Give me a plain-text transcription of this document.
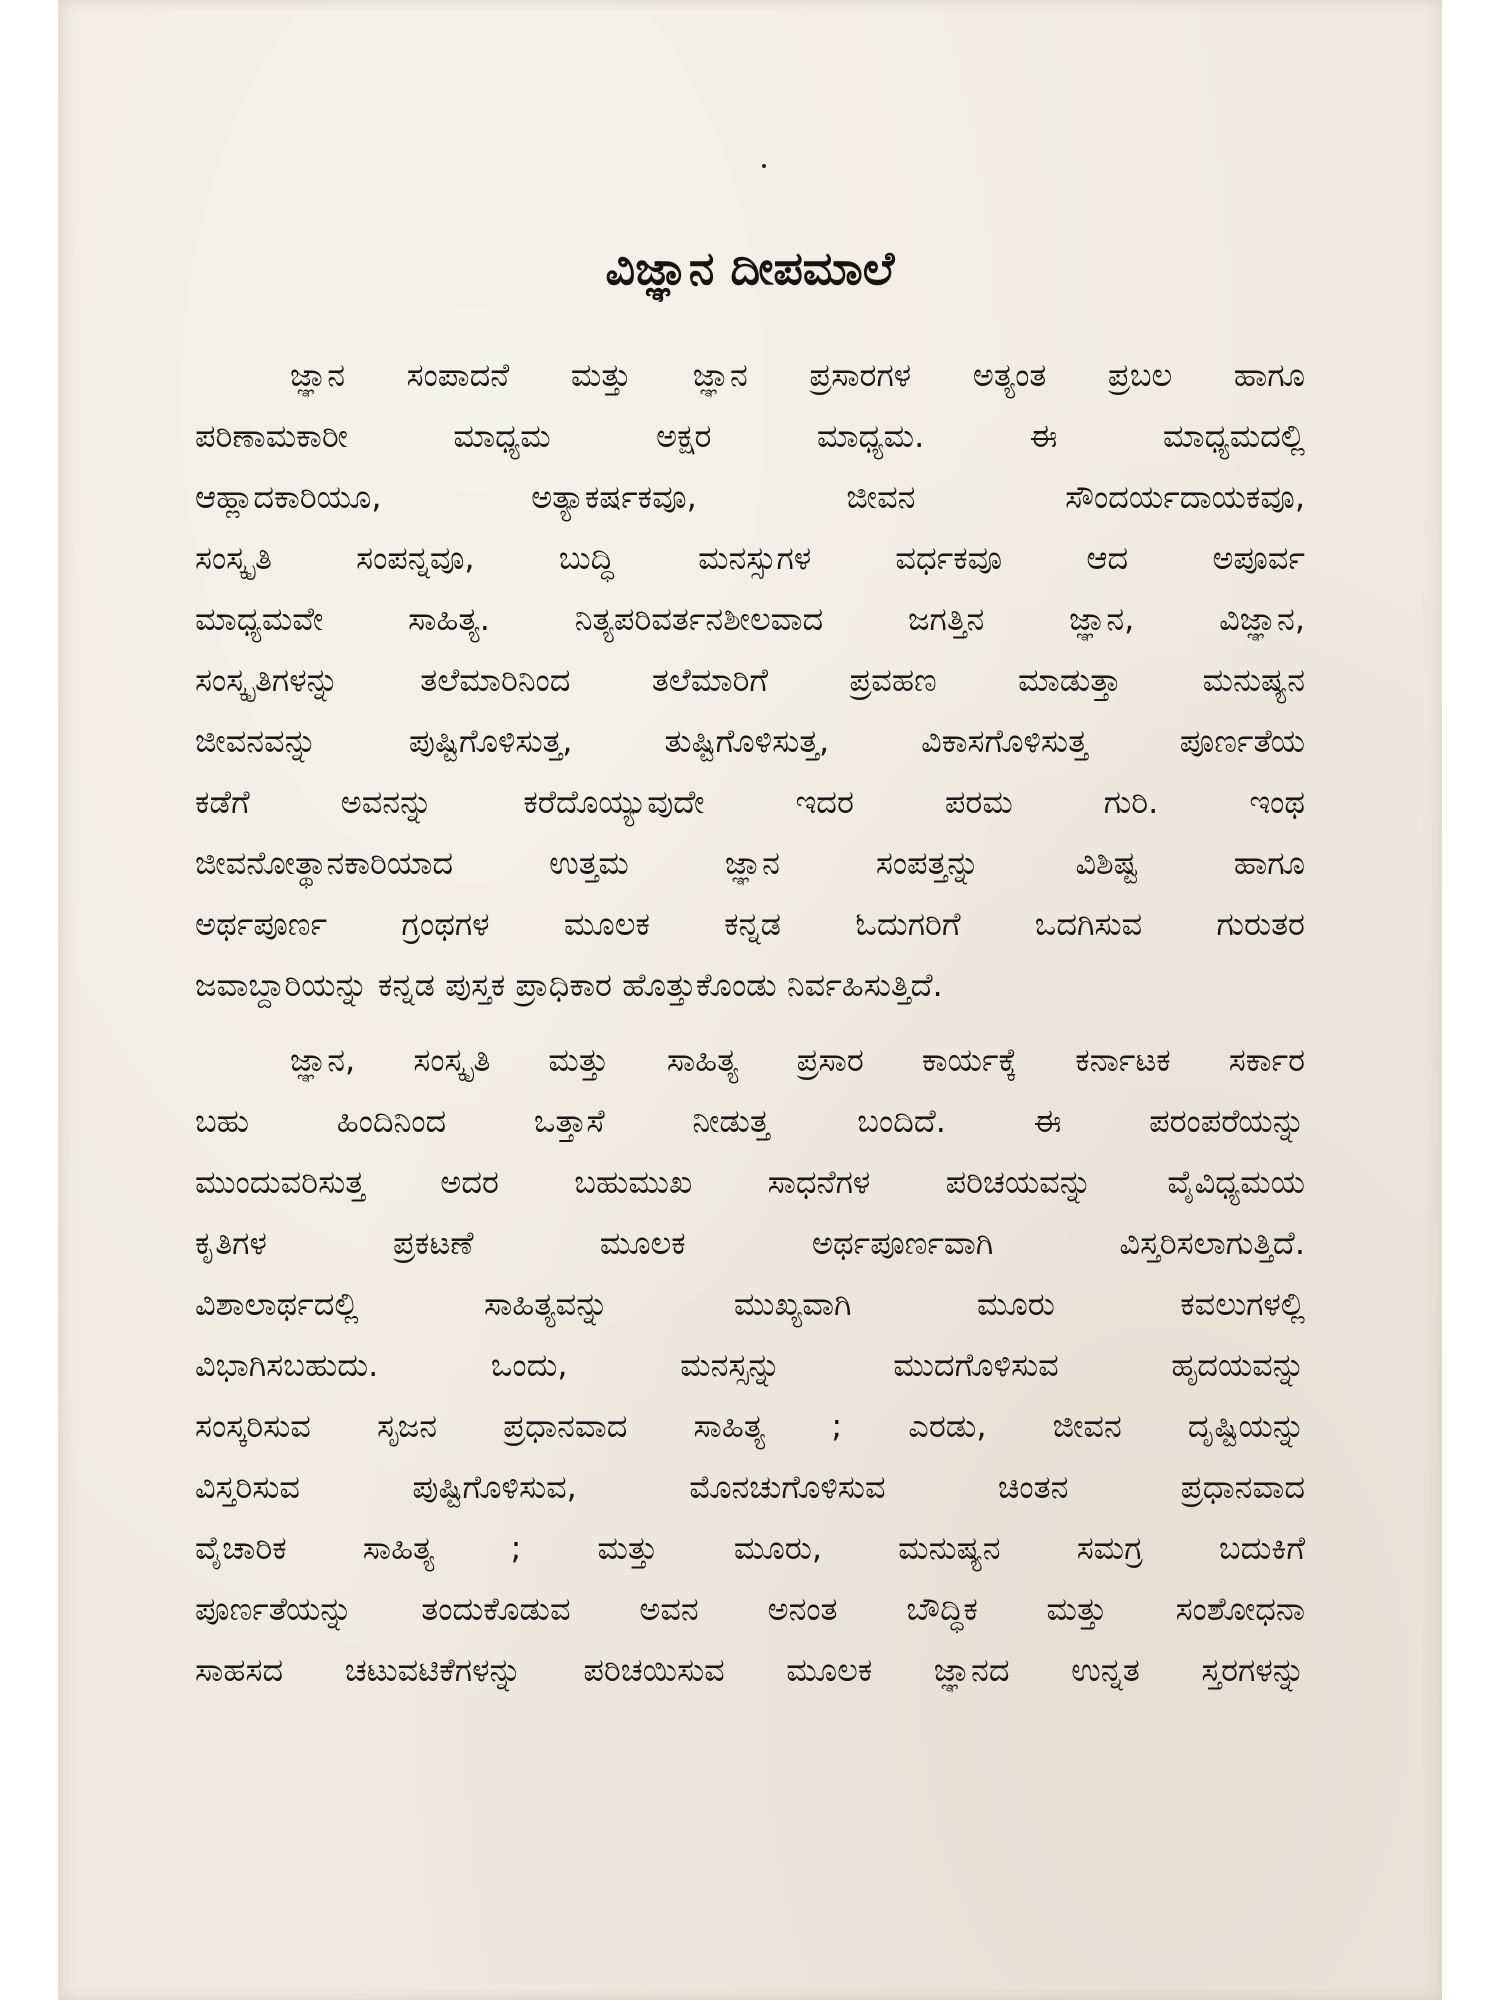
ವಿಜ್ಞಾನ ದೀಪಮಾಲೆ

ಜ್ಞಾನ ಸಂಪಾದನೆ ಮತ್ತು ಜ್ಞಾನ ಪ್ರಸಾರಗಳ ಅತ್ಯಂತ ಪ್ರಬಲ ಹಾಗೂ
ಪರಿಣಾಮಕಾರೀ ಮಾಧ್ಯಮ ಅಕ್ಷರ ಮಾಧ್ಯಮ. ಈ ಮಾಧ್ಯಮದಲ್ಲಿ
ಆಹ್ಲಾದಕಾರಿಯೂ, ಅತ್ಯಾಕರ್ಷಕವೂ, ಜೀವನ ಸೌಂದರ್ಯದಾಯಕವೂ,
ಸಂಸ್ಕೃತಿ ಸಂಪನ್ನವೂ, ಬುದ್ಧಿ ಮನಸ್ಸುಗಳ ವರ್ಧಕವೂ ಆದ ಅಪೂರ್ವ
ಮಾಧ್ಯಮವೇ ಸಾಹಿತ್ಯ. ನಿತ್ಯಪರಿವರ್ತನಶೀಲವಾದ ಜಗತ್ತಿನ ಜ್ಞಾನ, ವಿಜ್ಞಾನ,
ಸಂಸ್ಕೃತಿಗಳನ್ನು ತಲೆಮಾರಿನಿಂದ ತಲೆಮಾರಿಗೆ ಪ್ರವಹಣ ಮಾಡುತ್ತಾ ಮನುಷ್ಯನ
ಜೀವನವನ್ನು ಪುಷ್ಟಿಗೊಳಿಸುತ್ತ, ತುಷ್ಟಿಗೊಳಿಸುತ್ತ, ವಿಕಾಸಗೊಳಿಸುತ್ತ ಪೂರ್ಣತೆಯ
ಕಡೆಗೆ ಅವನನ್ನು ಕರೆದೊಯ್ಯುವುದೇ ಇದರ ಪರಮ ಗುರಿ. ಇಂಥ
ಜೀವನೋತ್ಥಾನಕಾರಿಯಾದ ಉತ್ತಮ ಜ್ಞಾನ ಸಂಪತ್ತನ್ನು ವಿಶಿಷ್ಟ ಹಾಗೂ
ಅರ್ಥಪೂರ್ಣ ಗ್ರಂಥಗಳ ಮೂಲಕ ಕನ್ನಡ ಓದುಗರಿಗೆ ಒದಗಿಸುವ ಗುರುತರ
ಜವಾಬ್ದಾರಿಯನ್ನು ಕನ್ನಡ ಪುಸ್ತಕ ಪ್ರಾಧಿಕಾರ ಹೊತ್ತುಕೊಂಡು ನಿರ್ವಹಿಸುತ್ತಿದೆ.

ಜ್ಞಾನ, ಸಂಸ್ಕೃತಿ ಮತ್ತು ಸಾಹಿತ್ಯ ಪ್ರಸಾರ ಕಾರ್ಯಕ್ಕೆ ಕರ್ನಾಟಕ ಸರ್ಕಾರ
ಬಹು ಹಿಂದಿನಿಂದ ಒತ್ತಾಸೆ ನೀಡುತ್ತ ಬಂದಿದೆ. ಈ ಪರಂಪರೆಯನ್ನು
ಮುಂದುವರಿಸುತ್ತ ಅದರ ಬಹುಮುಖ ಸಾಧನೆಗಳ ಪರಿಚಯವನ್ನು ವೈವಿಧ್ಯಮಯ
ಕೃತಿಗಳ ಪ್ರಕಟಣೆ ಮೂಲಕ ಅರ್ಥಪೂರ್ಣವಾಗಿ ವಿಸ್ತರಿಸಲಾಗುತ್ತಿದೆ.
ವಿಶಾಲಾರ್ಥದಲ್ಲಿ ಸಾಹಿತ್ಯವನ್ನು ಮುಖ್ಯವಾಗಿ ಮೂರು ಕವಲುಗಳಲ್ಲಿ
ವಿಭಾಗಿಸಬಹುದು. ಒಂದು, ಮನಸ್ಸನ್ನು ಮುದಗೊಳಿಸುವ ಹೃದಯವನ್ನು
ಸಂಸ್ಕರಿಸುವ ಸೃಜನ ಪ್ರಧಾನವಾದ ಸಾಹಿತ್ಯ ; ಎರಡು, ಜೀವನ ದೃಷ್ಟಿಯನ್ನು
ವಿಸ್ತರಿಸುವ ಪುಷ್ಟಿಗೊಳಿಸುವ, ಮೊನಚುಗೊಳಿಸುವ ಚಿಂತನ ಪ್ರಧಾನವಾದ
ವೈಚಾರಿಕ ಸಾಹಿತ್ಯ ; ಮತ್ತು ಮೂರು, ಮನುಷ್ಯನ ಸಮಗ್ರ ಬದುಕಿಗೆ
ಪೂರ್ಣತೆಯನ್ನು ತಂದುಕೊಡುವ ಅವನ ಅನಂತ ಬೌದ್ಧಿಕ ಮತ್ತು ಸಂಶೋಧನಾ
ಸಾಹಸದ ಚಟುವಟಿಕೆಗಳನ್ನು ಪರಿಚಯಿಸುವ ಮೂಲಕ ಜ್ಞಾನದ ಉನ್ನತ ಸ್ತರಗಳನ್ನು
